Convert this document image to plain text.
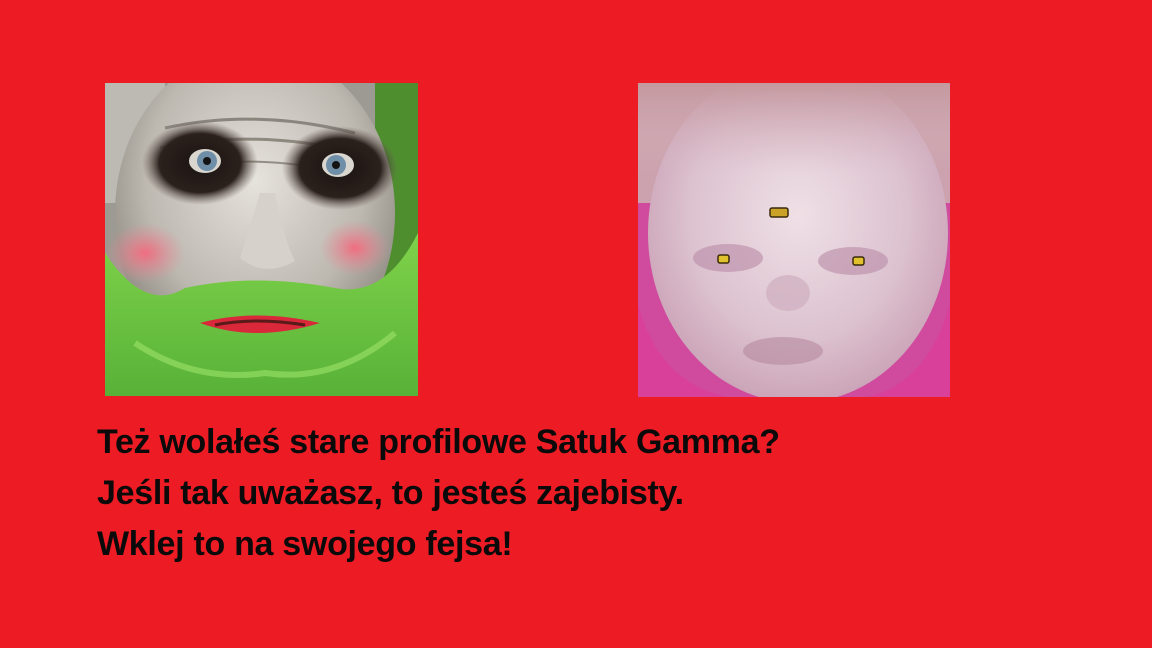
Też wolałeś stare profilowe Satuk Gamma?
Jeśli tak uważasz, to jesteś zajebisty.
Wklej to na swojego fejsa!
